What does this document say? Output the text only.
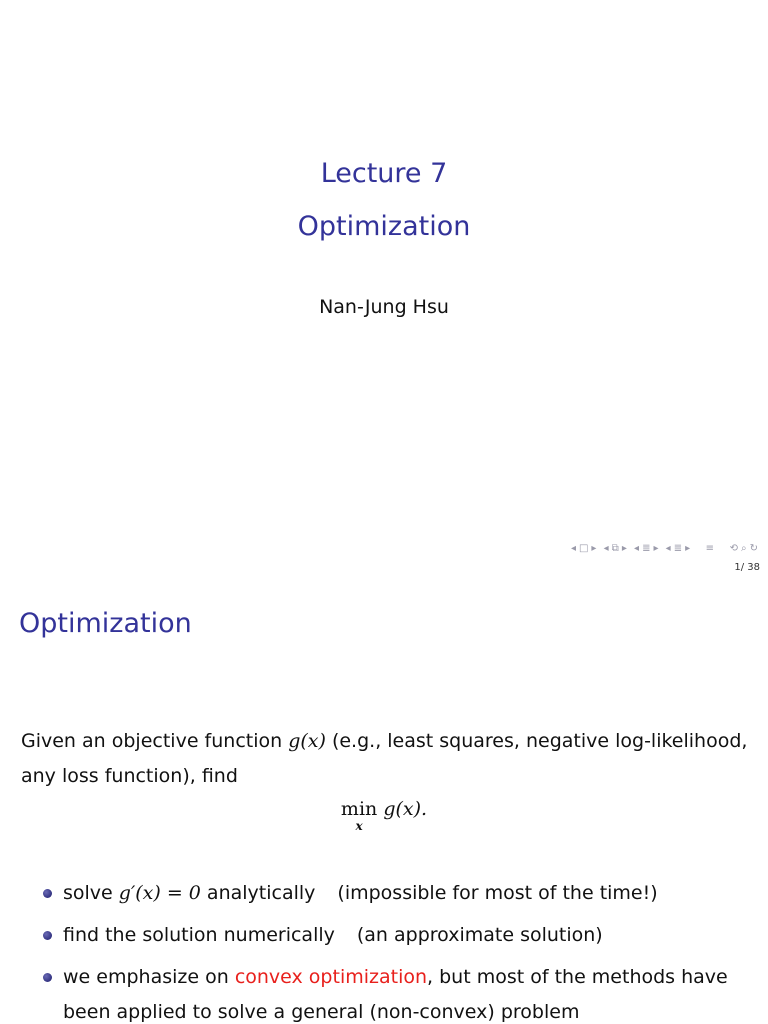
Lecture 7
Optimization
Nan-Jung Hsu
◂ □ ▸ ◂ ⧉ ▸ ◂ ≣ ▸ ◂ ≣ ▸ ≡ ⟲ ⌕ ↻
1/ 38
Optimization
Given an objective function g(x) (e.g., least squares, negative log-likelihood, any loss function), find
min
x
g(x).
solve g′(x) = 0 analytically (impossible for most of the time!)
find the solution numerically (an approximate solution)
we emphasize on convex optimization, but most of the methods have been applied to solve a general (non-convex) problem
